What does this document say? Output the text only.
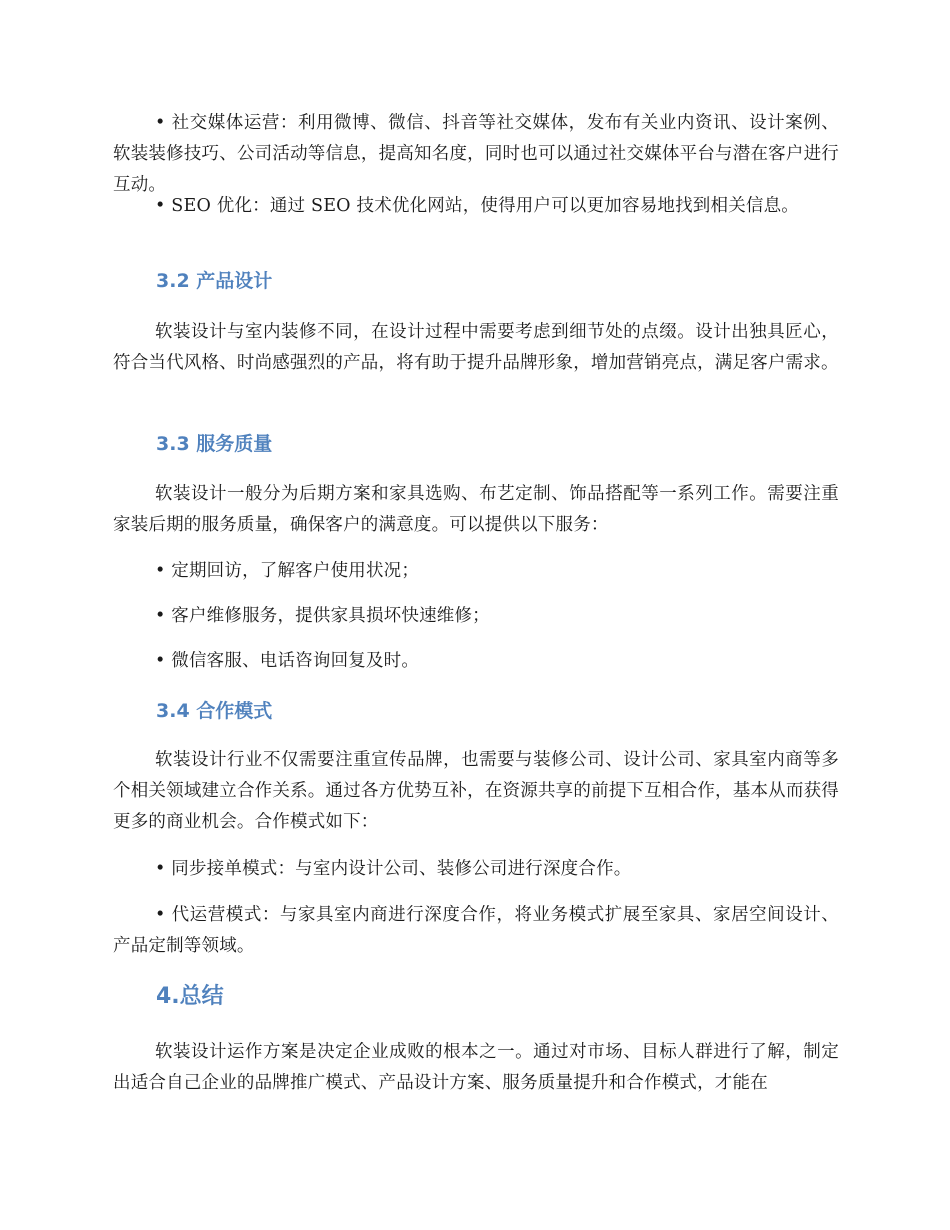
• 社交媒体运营：利用微博、微信、抖音等社交媒体，发布有关业内资讯、设计案例、软装装修技巧、公司活动等信息，提高知名度，同时也可以通过社交媒体平台与潜在客户进行互动。

• SEO 优化：通过 SEO 技术优化网站，使得用户可以更加容易地找到相关信息。

3.2 产品设计

软装设计与室内装修不同，在设计过程中需要考虑到细节处的点缀。设计出独具匠心，符合当代风格、时尚感强烈的产品，将有助于提升品牌形象，增加营销亮点，满足客户需求。

3.3 服务质量

软装设计一般分为后期方案和家具选购、布艺定制、饰品搭配等一系列工作。需要注重家装后期的服务质量，确保客户的满意度。可以提供以下服务：

• 定期回访，了解客户使用状况；

• 客户维修服务，提供家具损坏快速维修；

• 微信客服、电话咨询回复及时。

3.4 合作模式

软装设计行业不仅需要注重宣传品牌，也需要与装修公司、设计公司、家具室内商等多个相关领域建立合作关系。通过各方优势互补，在资源共享的前提下互相合作，基本从而获得更多的商业机会。合作模式如下：

• 同步接单模式：与室内设计公司、装修公司进行深度合作。

• 代运营模式：与家具室内商进行深度合作，将业务模式扩展至家具、家居空间设计、产品定制等领域。

4.总结

软装设计运作方案是决定企业成败的根本之一。通过对市场、目标人群进行了解，制定出适合自己企业的品牌推广模式、产品设计方案、服务质量提升和合作模式，才能在
